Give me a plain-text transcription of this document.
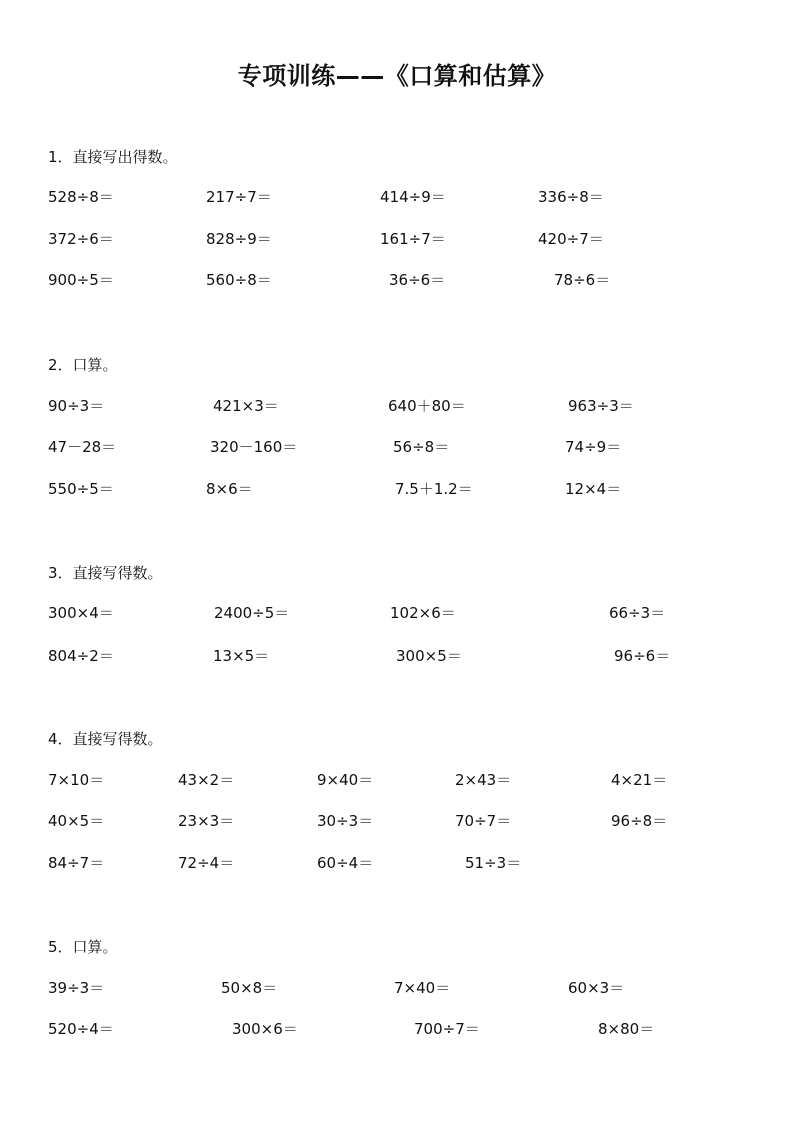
专项训练——《口算和估算》
1．直接写出得数。
528÷8＝	217÷7＝	414÷9＝	336÷8＝
372÷6＝	828÷9＝	161÷7＝	420÷7＝
900÷5＝	560÷8＝	36÷6＝	78÷6＝
2．口算。
90÷3＝	421×3＝	640＋80＝	963÷3＝
47－28＝	320－160＝	56÷8＝	74÷9＝
550÷5＝	8×6＝	7.5＋1.2＝	12×4＝
3．直接写得数。
300×4＝	2400÷5＝	102×6＝	66÷3＝
804÷2＝	13×5＝	300×5＝	96÷6＝
4．直接写得数。
7×10＝	43×2＝	9×40＝	2×43＝	4×21＝
40×5＝	23×3＝	30÷3＝	70÷7＝	96÷8＝
84÷7＝	72÷4＝	60÷4＝	51÷3＝
5．口算。
39÷3＝	50×8＝	7×40＝	60×3＝
520÷4＝	300×6＝	700÷7＝	8×80＝
